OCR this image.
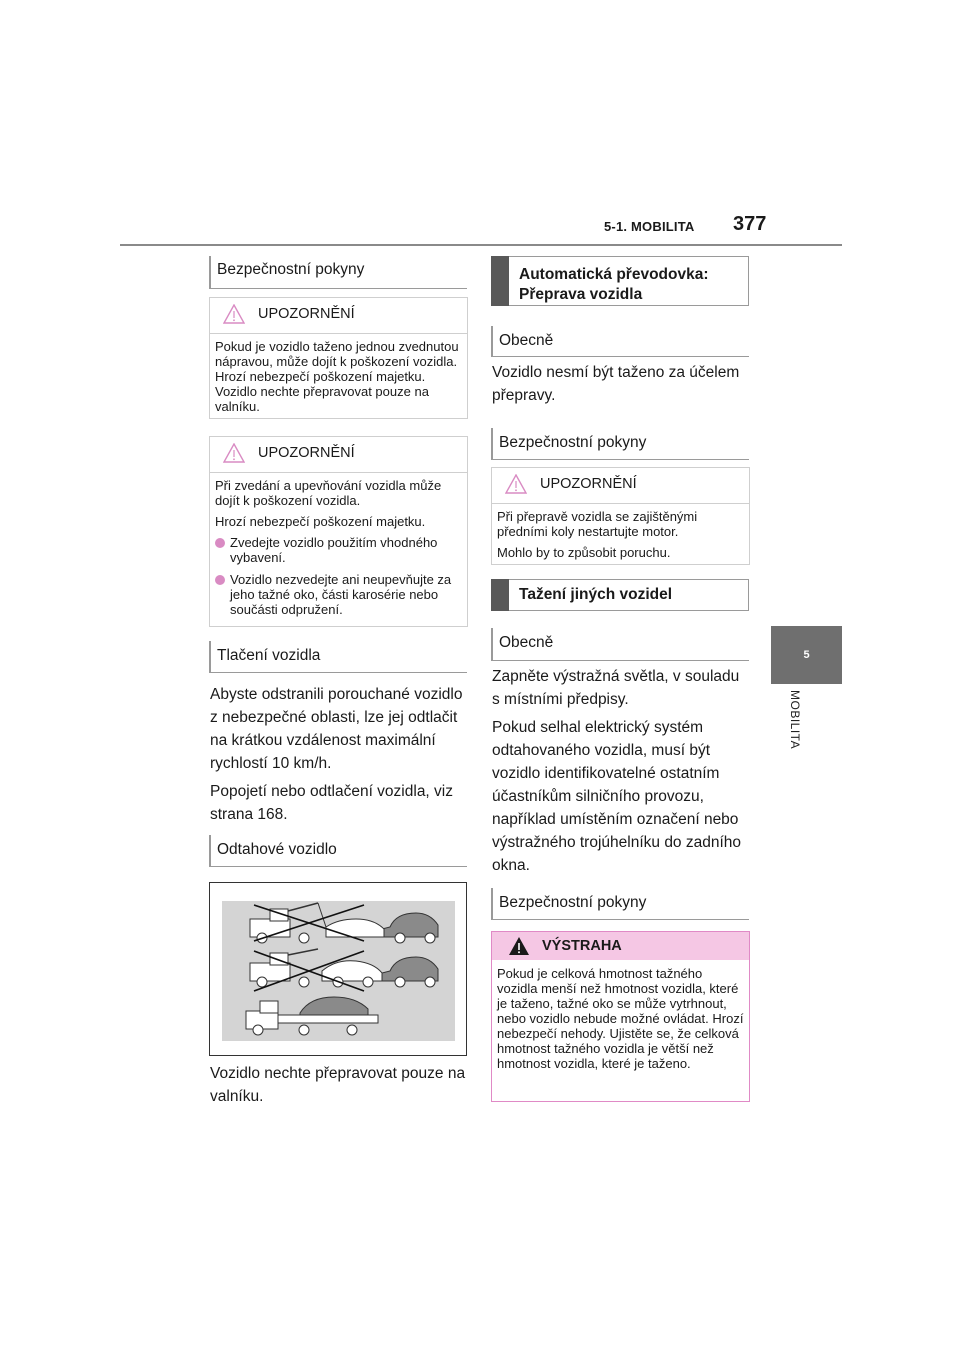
5-1. MOBILITA 377
5
MOBILITA
Bezpečnostní pokyny
UPOZORNĚNÍ

Pokud je vozidlo taženo jednou zvednutou nápravou, může dojít k poškození vozidla. Hrozí nebezpečí poškození majetku. Vozidlo nechte přepravovat pouze na valníku.

UPOZORNĚNÍ

Při zvedání a upevňování vozidla může dojít k poškození vozidla.

Hrozí nebezpečí poškození majetku.

Zvedejte vozidlo použitím vhodného vybavení.
Vozidlo nezvedejte ani neupevňujte za jeho tažné oko, části karosérie nebo součásti odpružení.
Tlačení vozidla

Abyste odstranili porouchané vozidlo z nebezpečné oblasti, lze jej odtlačit na krátkou vzdálenost maximální rychlostí 10 km/h.

Popojetí nebo odtlačení vozidla, viz strana 168.

Odtahové vozidlo

Vozidlo nechte přepravovat pouze na valníku.

Automatická převodovka: Přeprava vozidla
Obecně

Vozidlo nesmí být taženo za účelem přepravy.

Bezpečnostní pokyny
UPOZORNĚNÍ

Při přepravě vozidla se zajištěnými předními koly nestartujte motor.

Mohlo by to způsobit poruchu.

Tažení jiných vozidel
Obecně

Zapněte výstražná světla, v souladu s místními předpisy.

Pokud selhal elektrický systém odtahovaného vozidla, musí být vozidlo identifikovatelné ostatním účastníkům silničního provozu, například umístěním označení nebo výstražného trojúhelníku do zadního okna.

Bezpečnostní pokyny
VÝSTRAHA

Pokud je celková hmotnost tažného vozidla menší než hmotnost vozidla, které je taženo, tažné oko se může vytrhnout, nebo vozidlo nebude možné ovládat. Hrozí nebezpečí nehody. Ujistěte se, že celková hmotnost tažného vozidla je větší než hmotnost vozidla, které je taženo.
